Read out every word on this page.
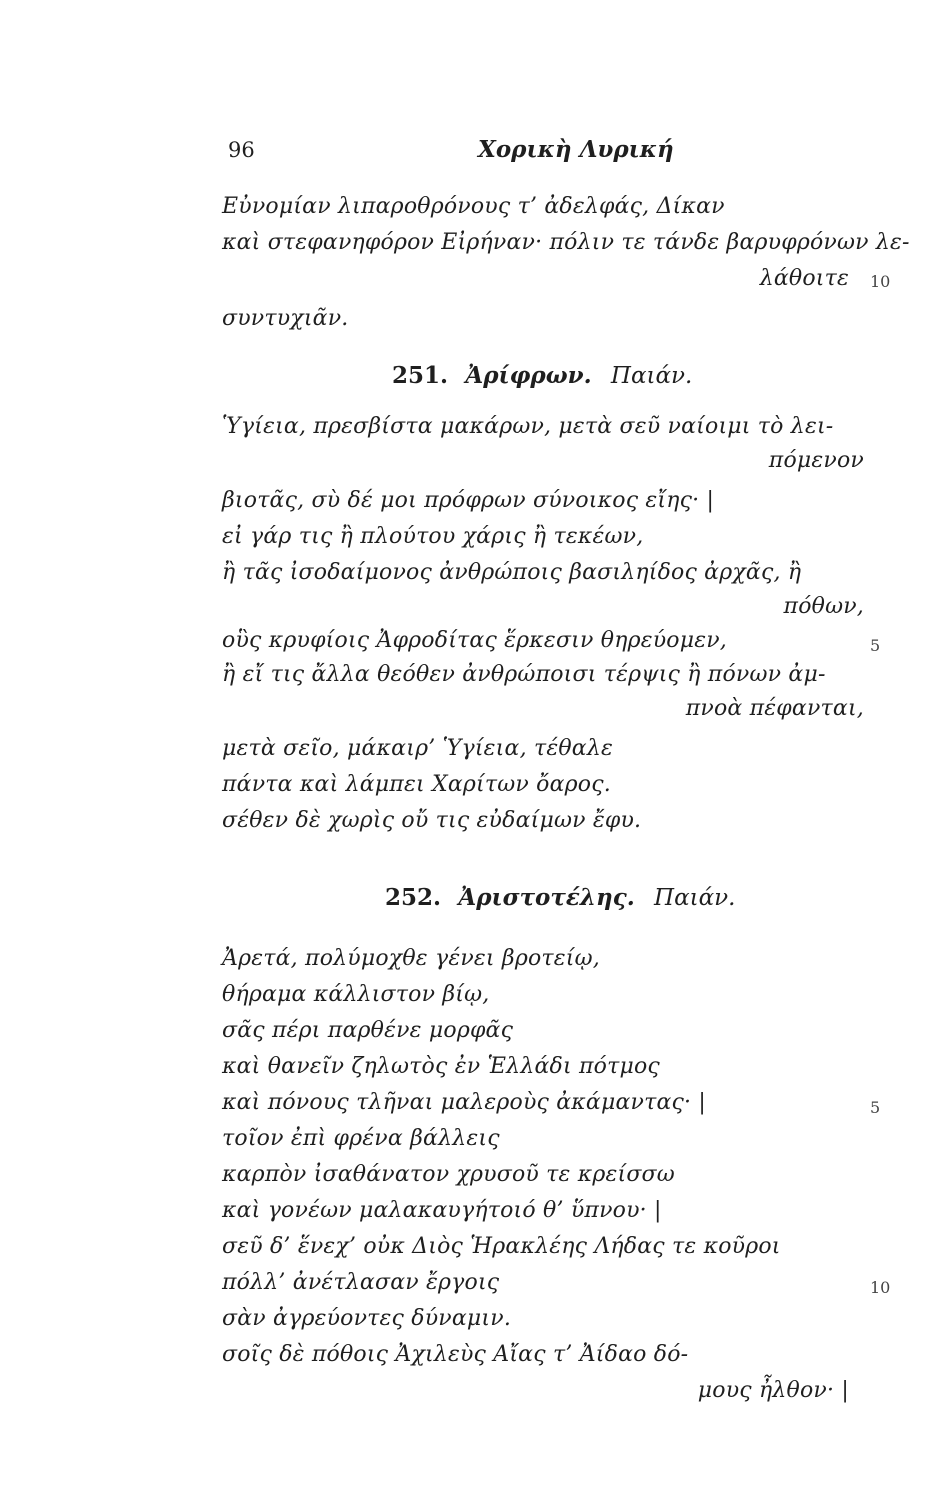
96	Χορικὴ Λυρική
Εὐνομίαν λιπαροθρόνους τ’ ἀδελφάς, Δίκαν
καὶ στεφανηφόρον Εἰρήναν· πόλιν τε τάνδε βαρυφρόνων λε-
λάθοιτε 10
συντυχιᾶν.
251. Ἀρίφρων. Παιάν.
Ὑγίεια, πρεσβίστα μακάρων, μετὰ σεῦ ναίοιμι τὸ λει-
πόμενον
βιοτᾶς, σὺ δέ μοι πρόφρων σύνοικος εἴης· |
εἰ γάρ τις ἢ πλούτου χάρις ἢ τεκέων,
ἢ τᾶς ἰσοδαίμονος ἀνθρώποις βασιληίδος ἀρχᾶς, ἢ
πόθων,
οὓς κρυφίοις Ἀφροδίτας ἕρκεσιν θηρεύομεν,	5
ἢ εἴ τις ἄλλα θεόθεν ἀνθρώποισι τέρψις ἢ πόνων ἀμ-
πνοὰ πέφανται,
μετὰ σεῖο, μάκαιρ’ Ὑγίεια, τέθαλε
πάντα καὶ λάμπει Χαρίτων ὄαρος.
σέθεν δὲ χωρὶς οὔ τις εὐδαίμων ἔφυ.
252. Ἀριστοτέλης. Παιάν.
Ἀρετά, πολύμοχθε γένει βροτείῳ,
θήραμα κάλλιστον βίῳ,
σᾶς πέρι παρθένε μορφᾶς
καὶ θανεῖν ζηλωτὸς ἐν Ἑλλάδι πότμος
καὶ πόνους τλῆναι μαλεροὺς ἀκάμαντας· |	5
τοῖον ἐπὶ φρένα βάλλεις
καρπὸν ἰσαθάνατον χρυσοῦ τε κρείσσω
καὶ γονέων μαλακαυγήτοιό θ’ ὕπνου· |
σεῦ δ’ ἕνεχ’ οὐκ Διὸς Ἡρακλέης Λήδας τε κοῦροι
πόλλ’ ἀνέτλασαν ἔργοις	10
σὰν ἀγρεύοντες δύναμιν.
σοῖς δὲ πόθοις Ἀχιλεὺς Αἴας τ’ Ἀίδαο δό-
μους ἦλθον· |
